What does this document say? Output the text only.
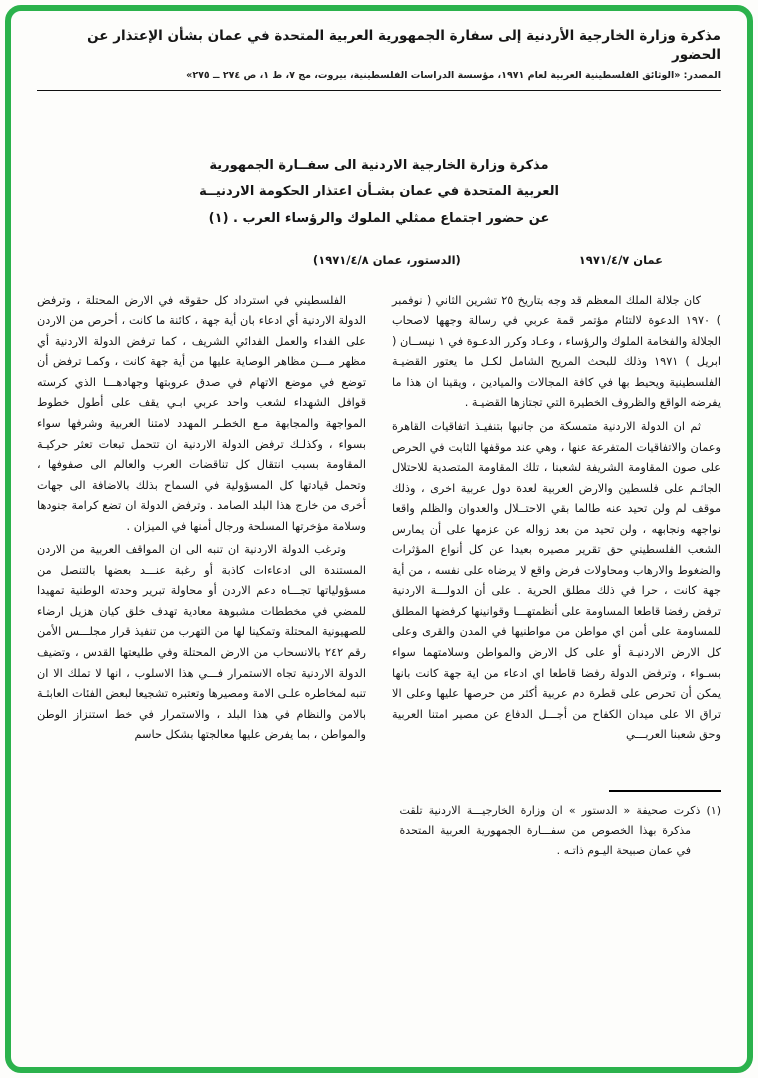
مذكرة وزارة الخارجية الأردنية إلى سفارة الجمهورية العربية المتحدة في عمان بشأن الإعتذار عن الحضور
المصدر: «الوثائق الفلسطينية العربية لعام ١٩٧١، مؤسسة الدراسات الفلسطينية، بيروت، مج ٧، ط ١، ص ٢٧٤ ــ ٢٧٥»
مذكرة وزارة الخارجية الاردنية الى سفــارة الجمهورية
العربية المتحدة في عمان بشـأن اعتذار الحكومة الاردنيــة
عن حضور اجتماع ممثلي الملوك والرؤساء العرب . (١)
عمان ١٩٧١/٤/٧
(الدستور، عمان ١٩٧١/٤/٨)

كان جلالة الملك المعظم قد وجه بتاريخ ٢٥ تشرين الثاني ( نوفمبر ) ١٩٧٠ الدعوة لالتئام مؤتمر قمة عربي في رسالة وجهها لاصحاب الجلالة والفخامة الملوك والرؤساء ، وعـاد وكرر الدعـوة في ١ نيســان ( ابريل ) ١٩٧١ وذلك للبحث المريح الشامل لكـل ما يعتور القضيـة الفلسطينية ويحيط بها في كافة المجالات والميادين ، ويقينا ان هذا ما يفرضه الواقع والظروف الخطيرة التي تجتازها القضيـة .

ثم ان الدولة الاردنية متمسكة من جانبها بتنفيـذ اتفاقيات القاهرة وعمان والاتفاقيات المتفرعة عنها ، وهي عند موقفها الثابت في الحرص على صون المقاومة الشريفة لشعبنا ، تلك المقاومة المتصدية للاحتلال الجاثـم على فلسطين والارض العربية لعدة دول عربية اخرى ، وذلك موقف لم ولن تحيد عنه طالما بقي الاحتــلال والعدوان والظلم واقعا نواجهه ونجابهه ، ولن تحيد من بعد زواله عن عزمها على أن يمارس الشعب الفلسطيني حق تقرير مصيره بعيدا عن كل أنواع المؤثرات والضغوط والارهاب ومحاولات فرض واقع لا يرضاه على نفسه ، من أية جهة كانت ، حرا في ذلك مطلق الحرية . على أن الدولـــة الاردنية ترفض رفضا قاطعا المساومة على أنظمتهـــا وقوانينها كرفضها المطلق للمساومة على أمن اي مواطن من مواطنيها في المدن والقرى وعلى كل الارض الاردنيـة أو على كل الارض والمواطن وسلامتهما سواء بسـواء ، وترفض الدولة رفضا قاطعا اي ادعاء من اية جهة كانت بانها يمكن أن تحرص على قطرة دم عربية أكثر من حرصها عليها وعلى الا تراق الا على ميدان الكفاح من أجـــل الدفاع عن مصير امتنا العربية وحق شعبنا العربـــي

الفلسطيني في استرداد كل حقوقه في الارض المحتلة ، وترفض الدولة الاردنية أي ادعاء بان أية جهة ، كائنة ما كانت ، أحرص من الاردن على الفداء والعمل الفدائي الشريف ، كما ترفض الدولة الاردنية أي مظهر مـــن مظاهر الوصاية عليها من أية جهة كانت ، وكمـا ترفض أن توضع في موضع الاتهام في صدق عروبتها وجهادهـــا الذي كرسته قوافل الشهداء لشعب واحد عربي ابـي يقف على أطول خطوط المواجهة والمجابهة مـع الخطـر المهدد لامتنا العربية وشرفها سواء بسواء ، وكذلـك ترفض الدولة الاردنية ان تتحمل تبعات تعثر حركيـة المقاومة بسبب انتقال كل تناقضات العرب والعالم الى صفوفها ، وتحمل قيادتها كل المسؤولية في السماح بذلك بالاضافة الى جهات أخرى من خارج هذا البلد الصامد . وترفض الدولة ان تضع كرامة جنودها وسلامة مؤخرتها المسلحة ورجال أمنها في الميزان .

وترغب الدولة الاردنية ان تنبه الى ان المواقف العربية من الاردن المستندة الى ادعاءات كاذبة أو رغبة عنـــد بعضها بالتنصل من مسؤولياتها تجـــاه دعم الاردن أو محاولة تبرير وحدته الوطنية تمهيدا للمضي في مخططات مشبوهة معادية تهدف خلق كيان هزيل ارضاء للصهيونية المحتلة وتمكينا لها من التهرب من تنفيذ قرار مجلـــس الأمن رقم ٢٤٢ بالانسحاب من الارض المحتلة وفي طليعتها القدس ، وتضيف الدولة الاردنية تجاه الاستمرار فـــي هذا الاسلوب ، انها لا تملك الا ان تنبه لمخاطره علـى الامة ومصيرها وتعتبره تشجيعا لبعض الفئات العابثـة بالامن والنظام في هذا البلد ، والاستمرار في خط استنزاز الوطن والمواطن ، بما يفرض عليها معالجتها بشكل حاسم

(١) ذكرت صحيفة « الدستور » ان وزارة الخارجيـــة الاردنية تلقت مذكرة بهذا الخصوص من سفـــارة الجمهورية العربية المتحدة في عمان صبيحة اليـوم ذاتـه .
